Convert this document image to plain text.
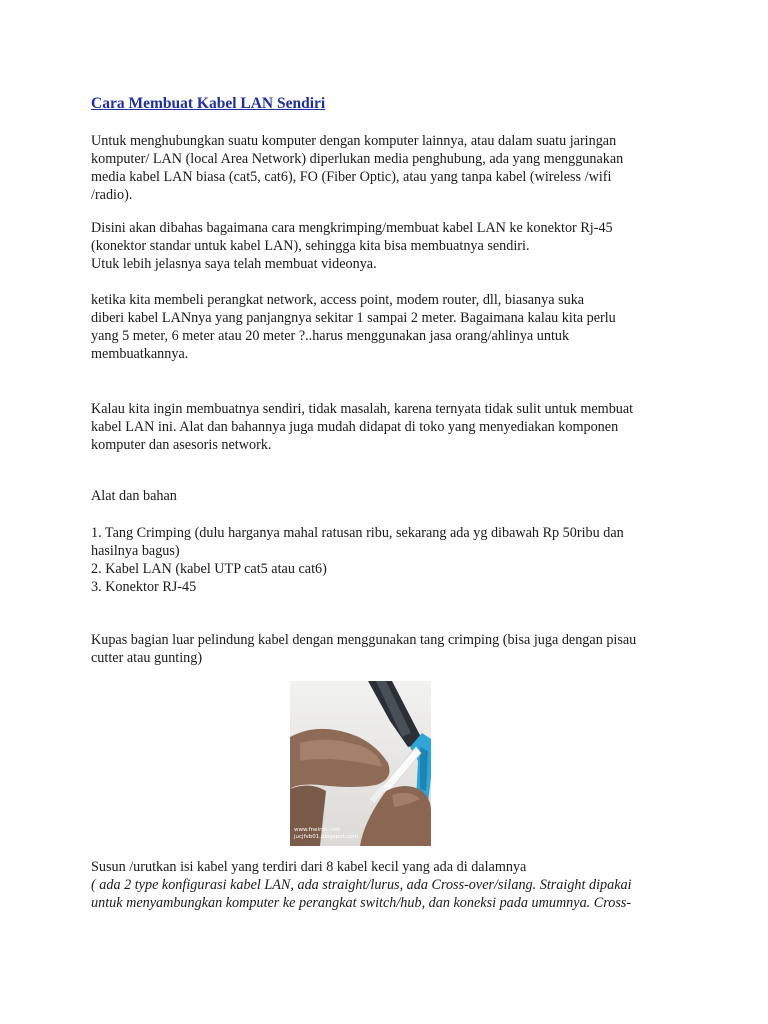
Cara Membuat Kabel LAN Sendiri

Untuk menghubungkan suatu komputer dengan komputer lainnya, atau dalam suatu jaringan

komputer/ LAN (local Area Network) diperlukan media penghubung, ada yang menggunakan

media kabel LAN biasa (cat5, cat6), FO (Fiber Optic), atau yang tanpa kabel (wireless /wifi

/radio).

Disini akan dibahas bagaimana cara mengkrimping/membuat kabel LAN ke konektor Rj-45

(konektor standar untuk kabel LAN), sehingga kita bisa membuatnya sendiri.

Utuk lebih jelasnya saya telah membuat videonya.

ketika kita membeli perangkat network, access point, modem router, dll, biasanya suka

diberi kabel LANnya yang panjangnya sekitar 1 sampai 2 meter. Bagaimana kalau kita perlu

yang 5 meter, 6 meter atau 20 meter ?..harus menggunakan jasa orang/ahlinya untuk

membuatkannya.

Kalau kita ingin membuatnya sendiri, tidak masalah, karena ternyata tidak sulit untuk membuat

kabel LAN ini. Alat dan bahannya juga mudah didapat di toko yang menyediakan komponen

komputer dan asesoris network.

Alat dan bahan

1. Tang Crimping (dulu harganya mahal ratusan ribu, sekarang ada yg dibawah Rp 50ribu dan

hasilnya bagus)

2. Kabel LAN (kabel UTP cat5 atau cat6)

3. Konektor RJ-45

Kupas bagian luar pelindung kabel dengan menggunakan tang crimping (bisa juga dengan pisau

cutter atau gunting)

www.fneinsi.com
jucjfvb01.blogspot.com

Susun /urutkan isi kabel yang terdiri dari 8 kabel kecil yang ada di dalamnya

( ada 2 type konfigurasi kabel LAN, ada straight/lurus, ada Cross-over/silang. Straight dipakai

untuk menyambungkan komputer ke perangkat switch/hub, dan koneksi pada umumnya. Cross-
